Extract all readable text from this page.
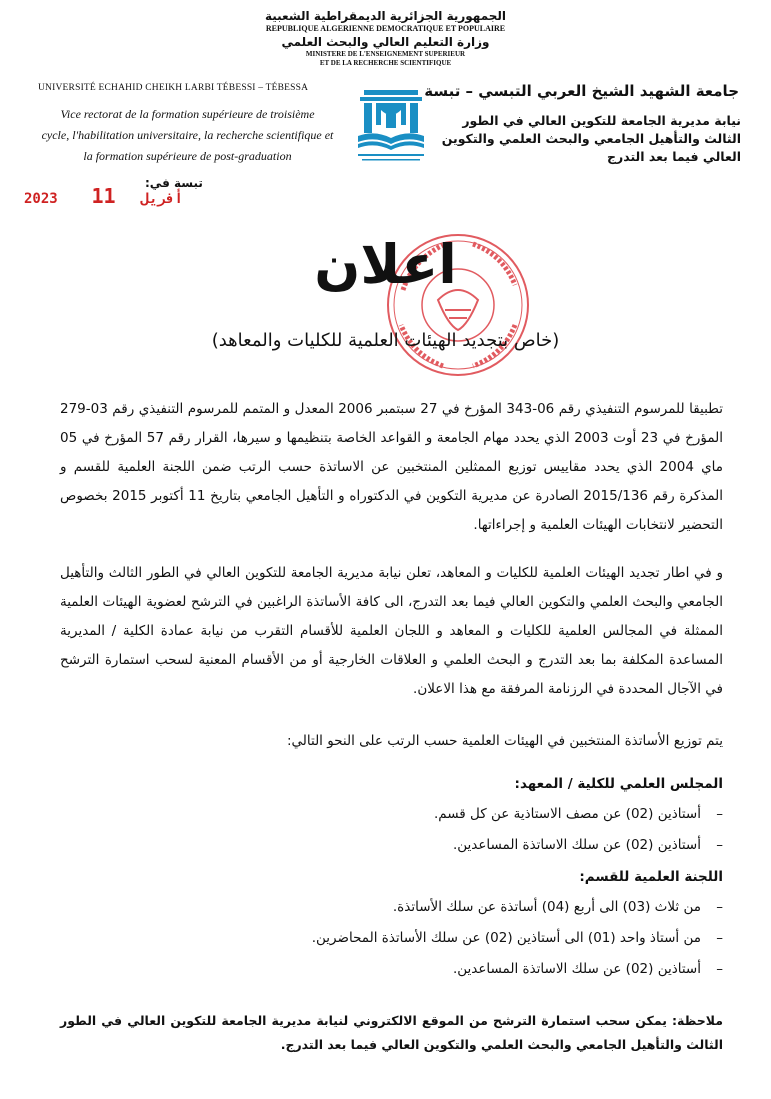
الجمهورية الجزائرية الديمقراطية الشعبية
REPUBLIQUE ALGERIENNE DEMOCRATIQUE ET POPULAIRE
وزارة التعليم العالي والبحث العلمي
MINISTERE DE L'ENSEIGNEMENT SUPERIEUR
ET DE LA RECHERCHE SCIENTIFIQUE
UNIVERSITÉ ECHAHID CHEIKH LARBI TÉBESSI – TÉBESSA
Vice rectorat de la formation supérieure de troisième
cycle, l'habilitation universitaire, la recherche scientifique et
la formation supérieure de post-graduation
جامعة الشهيد الشيخ العربي التبسي – تبسة
نيابة مديرية الجامعة للتكوين العالي في الطور
الثالث والتأهيل الجامعي والبحث العلمي والتكوين
العالي فيما بعد التدرج
تبسة في:
2023	أفريل   11
اعلان
(خاص بتجديد الهيئات العلمية للكليات والمعاهد)
تطبيقا للمرسوم التنفيذي رقم 06-343 المؤرخ في 27 سبتمبر 2006 المعدل و المتمم للمرسوم التنفيذي رقم 03-279 المؤرخ في 23 أوت 2003 الذي يحدد مهام الجامعة و القواعد الخاصة بتنظيمها و سيرها، القرار رقم 57 المؤرخ في 05 ماي 2004 الذي يحدد مقاييس توزيع الممثلين المنتخبين عن الاساتذة حسب الرتب ضمن اللجنة العلمية للقسم و المذكرة رقم 2015/136 الصادرة عن مديرية التكوين في الدكتوراه و التأهيل الجامعي بتاريخ 11 أكتوبر 2015 بخصوص التحضير لانتخابات الهيئات العلمية و إجراءاتها.
و في اطار تجديد الهيئات العلمية للكليات و المعاهد، تعلن نيابة مديرية الجامعة للتكوين العالي في الطور الثالث والتأهيل الجامعي والبحث العلمي والتكوين العالي فيما بعد التدرج، الى كافة الأساتذة الراغبين في الترشح لعضوية الهيئات العلمية الممثلة في المجالس العلمية للكليات و المعاهد و اللجان العلمية للأقسام التقرب من نيابة عمادة الكلية / المديرية المساعدة المكلفة بما بعد التدرج و البحث العلمي و العلاقات الخارجية أو من الأقسام المعنية لسحب استمارة الترشح في الآجال المحددة في الرزنامة المرفقة مع هذا الاعلان.
يتم توزيع الأساتذة المنتخبين في الهيئات العلمية حسب الرتب على النحو التالي:
المجلس العلمي للكلية / المعهد:
–
أستاذين (02) عن مصف الاستاذية عن كل قسم.
–
أستاذين (02) عن سلك الاساتذة المساعدين.
اللجنة العلمية للقسم:
–
من ثلاث (03) الى أربع (04) أساتذة عن سلك الأساتذة.
–
من أستاذ واحد (01) الى أستاذين (02) عن سلك الأساتذة المحاضرين.
–
أستاذين (02) عن سلك الاساتذة المساعدين.
ملاحظة: يمكن سحب استمارة الترشح من الموقع الالكتروني لنيابة مديرية الجامعة للتكوين العالي في الطور الثالث والتأهيل الجامعي والبحث العلمي والتكوين العالي فيما بعد التدرج.
